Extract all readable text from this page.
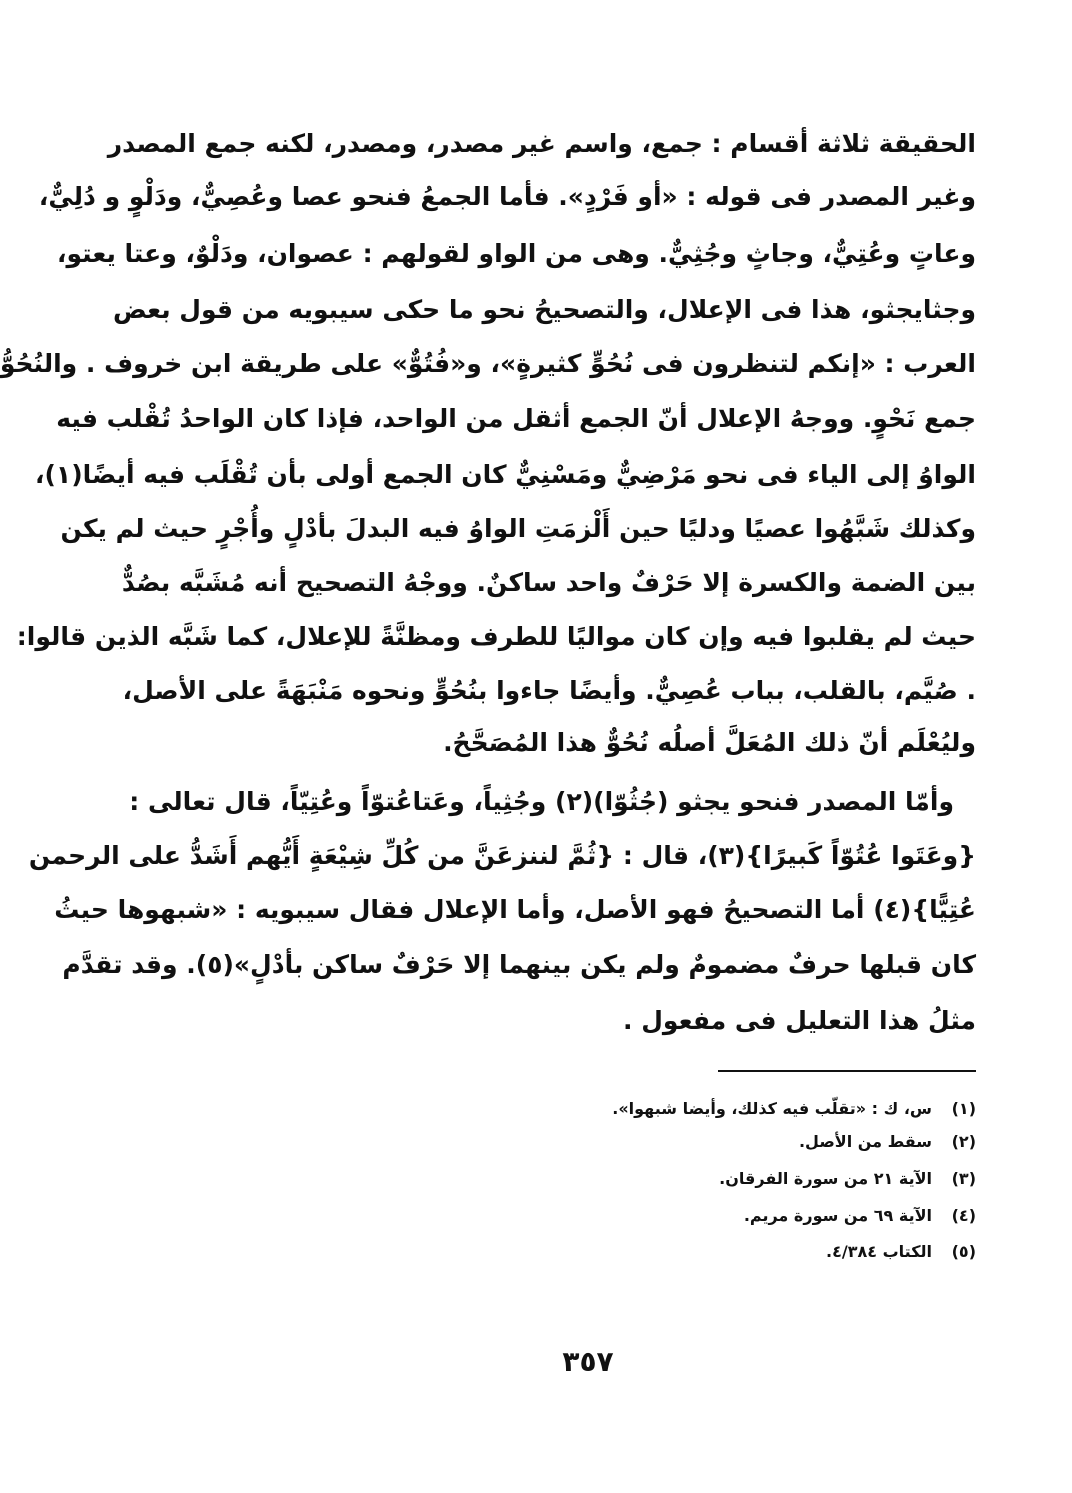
الحقيقة ثلاثة أقسام : جمع، واسم غير مصدر، ومصدر، لكنه جمع المصدر
وغير المصدر فى قوله : «أو فَرْدٍ». فأما الجمعُ فنحو عصا وعُصِيٌّ، ودَلْوٍ و دُلِيٌّ،
وعاتٍ وعُتِيٌّ، وجاثٍ وجُثِيٌّ. وهى من الواو لقولهم : عصوان، ودَلْوٌ، وعتا يعتو،
وجثايجثو، هذا فى الإعلال، والتصحيحُ نحو ما حكى سيبويه من قول بعض
العرب : «إنكم لتنظرون فى نُحُوٍّ كثيرةٍ»، و«فُتُوٌّ» على طريقة ابن خروف . والنُحُوُّ
جمع نَحْوٍ. ووجهُ الإعلال أنّ الجمع أثقل من الواحد، فإذا كان الواحدُ تُقْلب فيه
الواوُ إلى الياء فى نحو مَرْضِيٌّ ومَسْنِيٌّ كان الجمع أولى بأن تُقْلَب فيه أيضًا(١)،
وكذلك شَبَّهُوا عصيًا ودليًا حين أَلْزمَتِ الواوُ فيه البدلَ بأدْلٍ وأُجْرٍ حيث لم يكن
بين الضمة والكسرة إلا حَرْفٌ واحد ساكنٌ. ووجْهُ التصحيح أنه مُشَبَّه بصُدٌّ
حيث لم يقلبوا فيه وإن كان مواليًا للطرف ومظنَّةً للإعلال، كما شَبَّه الذين قالوا:
. صُيَّم، بالقلب، بباب عُصِيٌّ. وأيضًا جاءوا بنُحُوٍّ ونحوه مَنْبَهَةً على الأصل،
وليُعْلَم أنّ ذلك المُعَلَّ أصلُه نُحُوٌّ هذا المُصَحَّحُ.
وأمّا المصدر فنحو يجثو (جُثُوّا)(٢) وجُثِياً، وعَتاعُتوّاً وعُتِيّاً، قال تعالى :
{وعَتَوا عُتُوّاً كَبيرًا}(٣)، قال : {ثُمَّ لننزعَنَّ من كُلِّ شِيْعَةٍ أَيُّهم أَشَدُّ على الرحمن
عُتِيًّا}(٤) أما التصحيحُ فهو الأصل، وأما الإعلال فقال سيبويه : «شبهوها حيثُ
كان قبلها حرفٌ مضمومٌ ولم يكن بينهما إلا حَرْفٌ ساكن بأدْلٍ»(٥). وقد تقدَّم
مثلُ هذا التعليل فى مفعول .
(١)س، ك : «تقلّب فيه كذلك، وأيضا شبهوا».
(٢)سقط من الأصل.
(٣)الآية ٢١ من سورة الفرقان.
(٤)الآية ٦٩ من سورة مريم.
(٥)الكتاب ٤/٣٨٤.
٣٥٧
